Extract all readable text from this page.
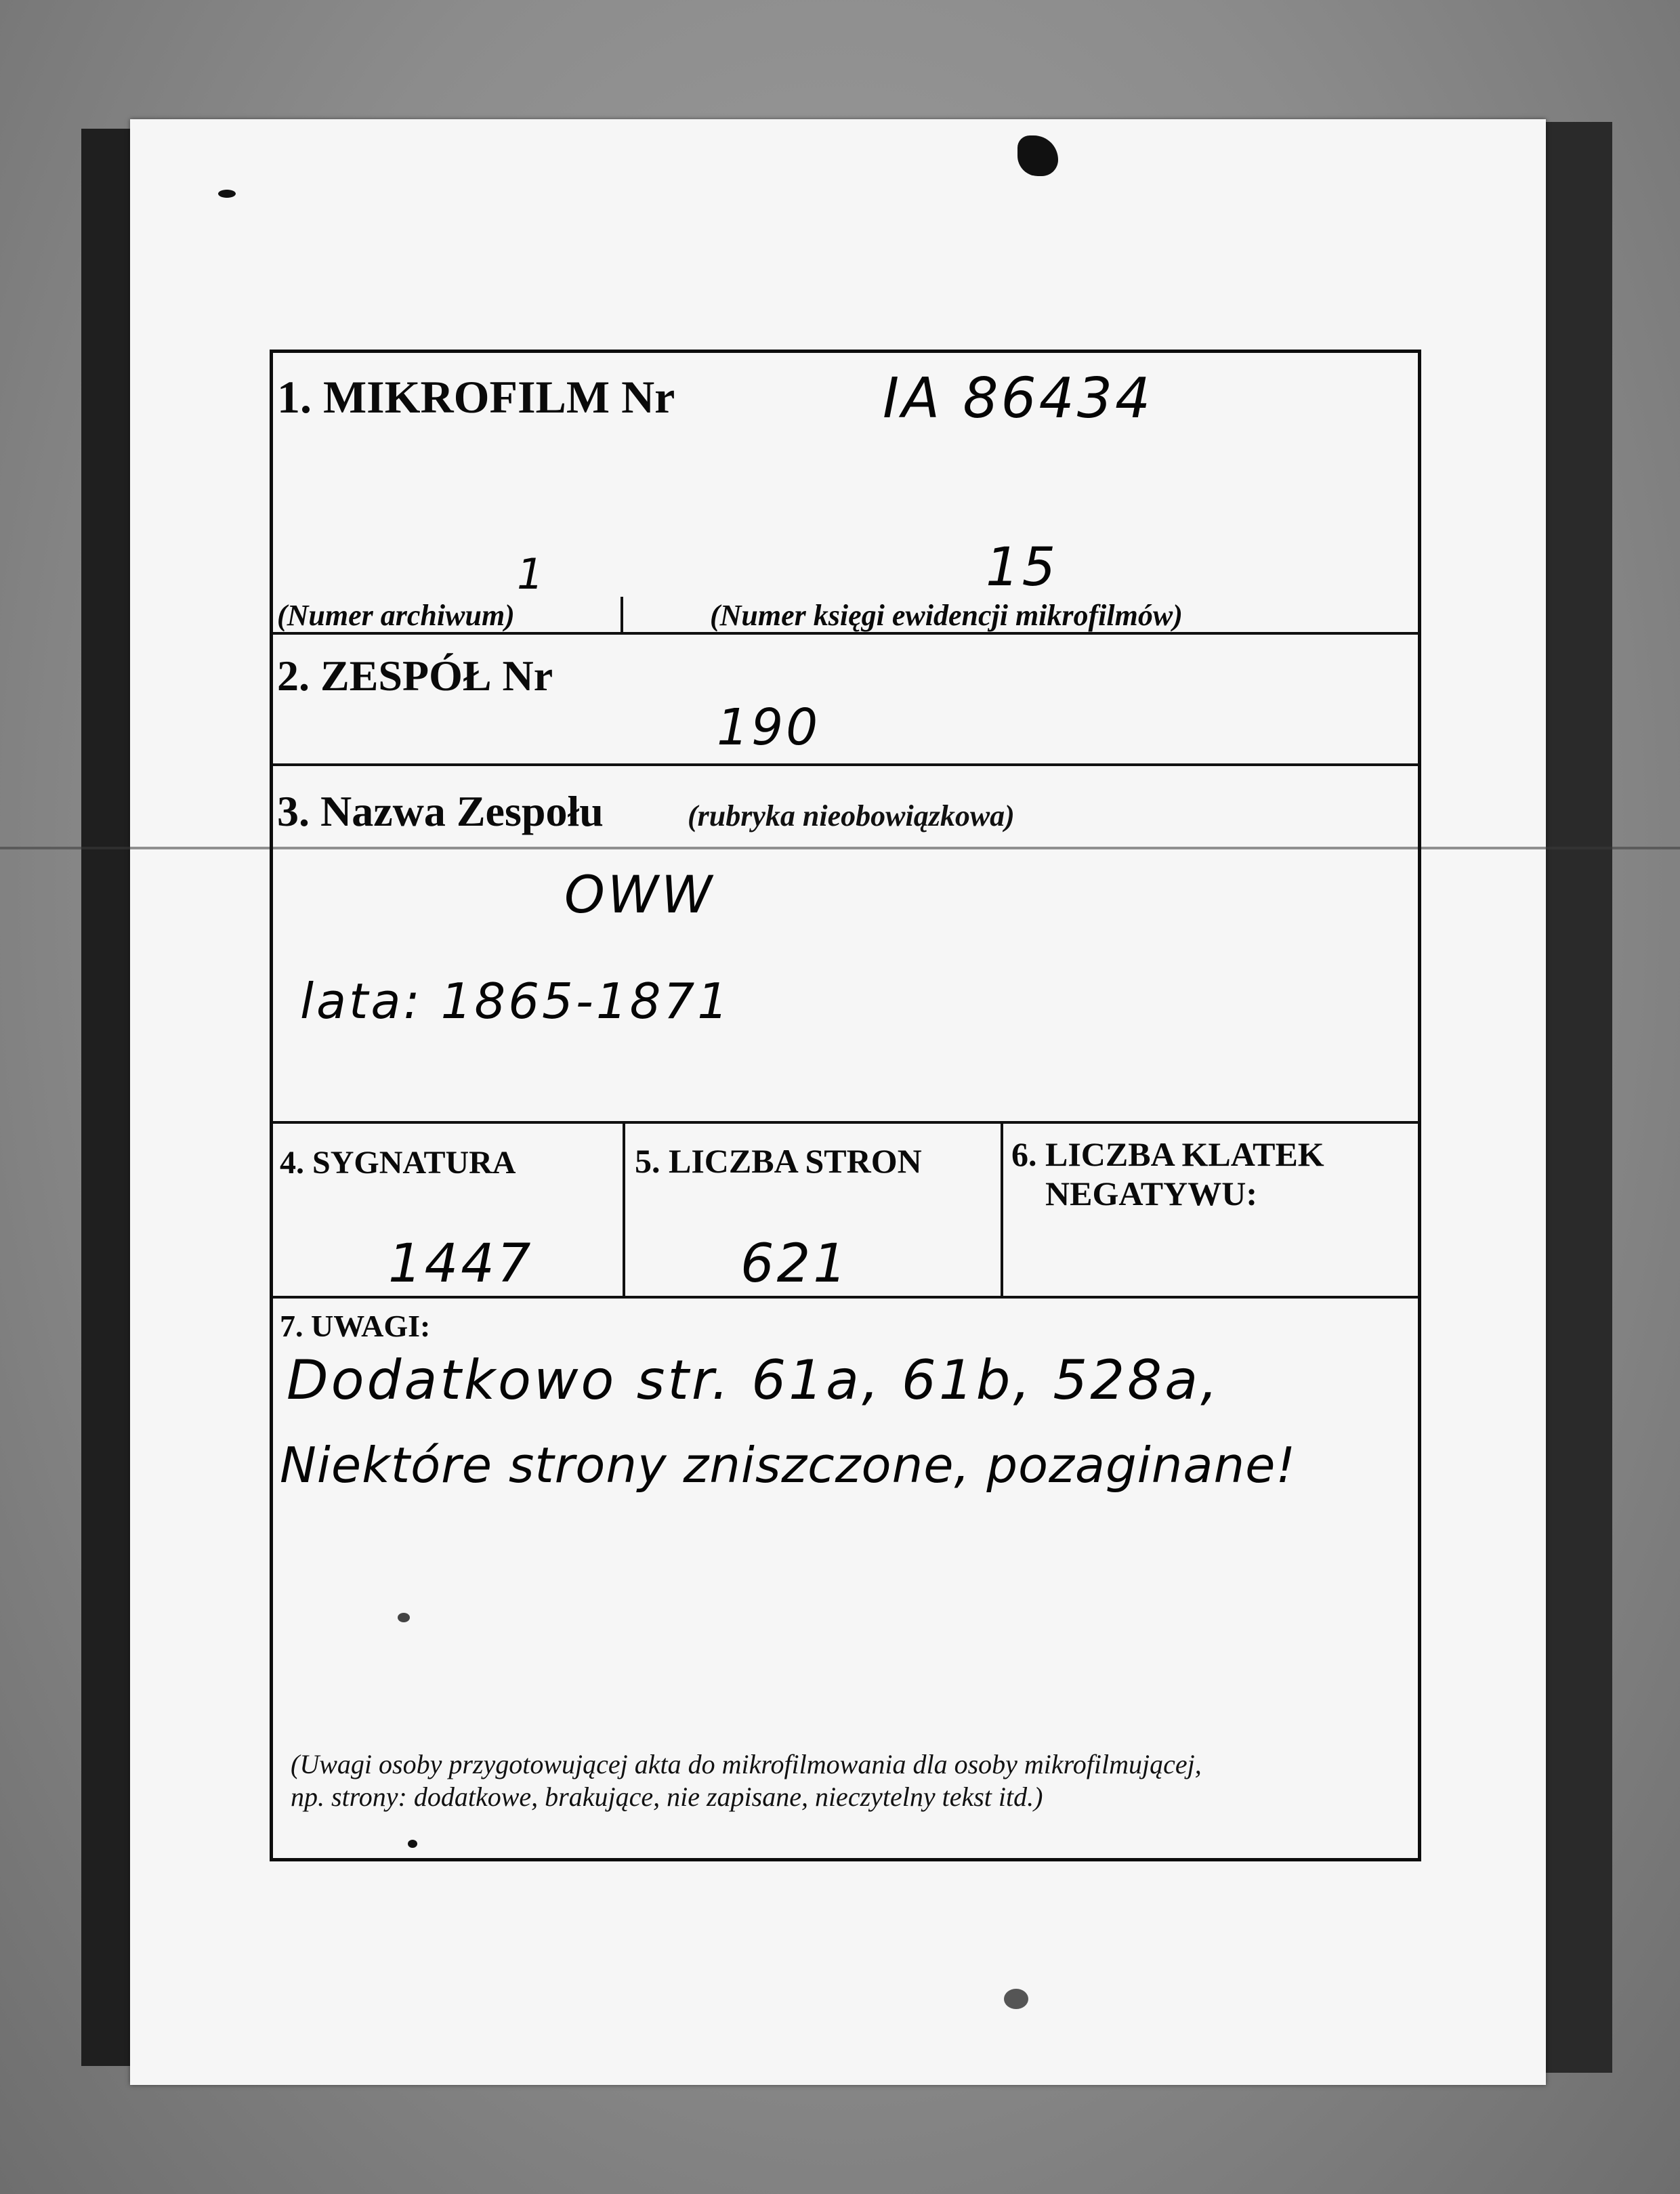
1. MIKROFILM Nr	IA 86434
1
(Numer archiwum)
15
(Numer księgi ewidencji mikrofilmów)
2. ZESPÓŁ Nr
190
3. Nazwa Zespołu	(rubryka nieobowiązkowa)
OWW
lata: 1865-1871
4. SYGNATURA
1447
5. LICZBA STRON
621
6. LICZBA KLATEK
NEGATYWU:
7. UWAGI:
Dodatkowo str. 61a, 61b, 528a,
Niektóre strony zniszczone, pozaginane!
(Uwagi osoby przygotowującej akta do mikrofilmowania dla osoby mikrofilmującej,
np. strony: dodatkowe, brakujące, nie zapisane, nieczytelny tekst itd.)
